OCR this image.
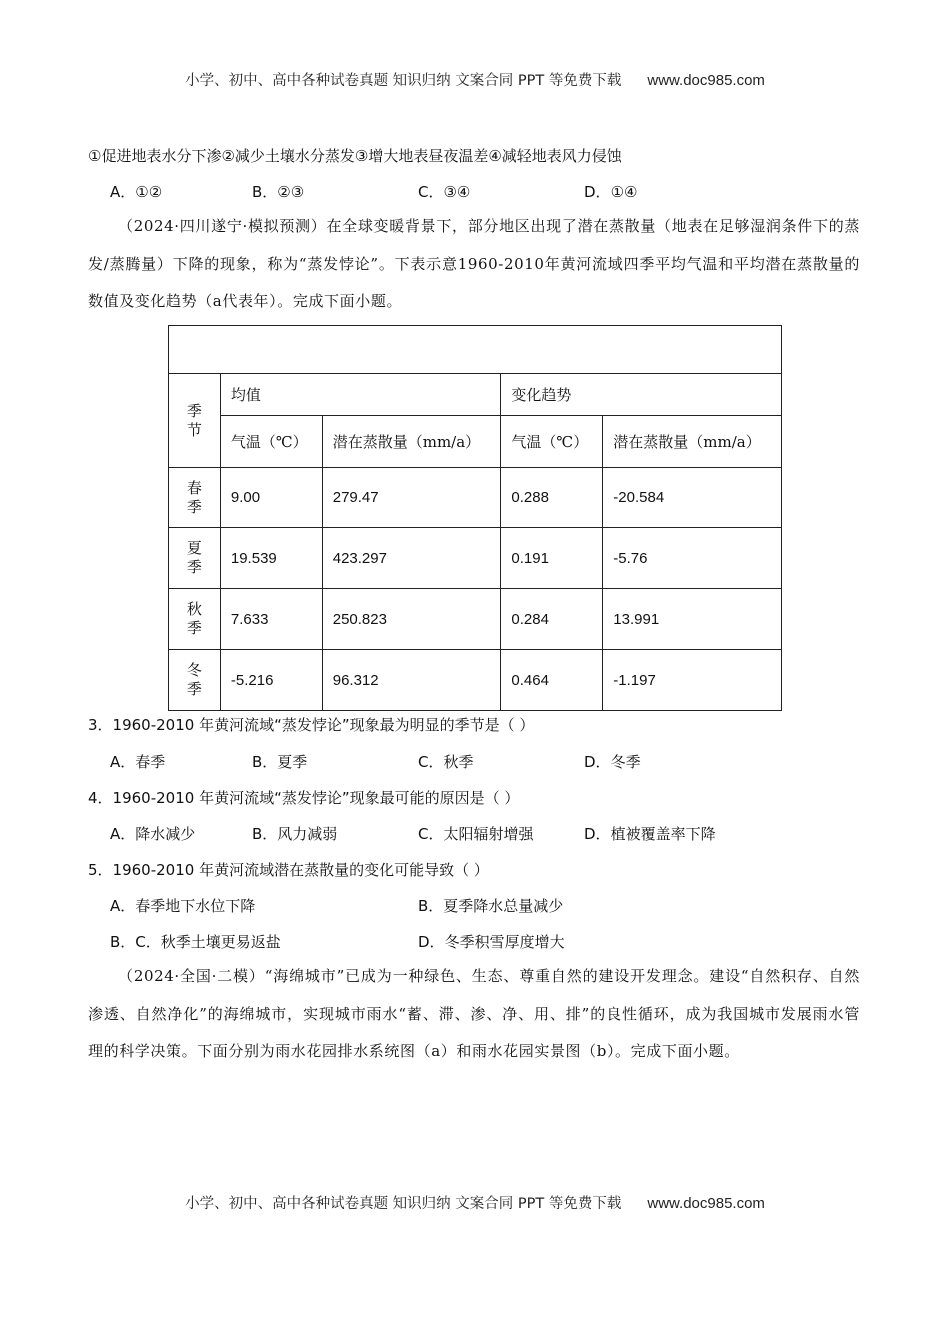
小学、初中、高中各种试卷真题 知识归纳 文案合同 PPT 等免费下载 www.doc985.com
①促进地表水分下渗②减少土壤水分蒸发③增大地表昼夜温差④减轻地表风力侵蚀
A．①②	B．②③	C．③④	D．①④
（2024·四川遂宁·模拟预测）在全球变暖背景下，部分地区出现了潜在蒸散量（地表在足够湿润条件下的蒸发/蒸腾量）下降的现象，称为“蒸发悖论”。下表示意1960-2010年黄河流域四季平均气温和平均潜在蒸散量的数值及变化趋势（a代表年）。完成下面小题。

季
节	均值		变化趋势	
	气温（℃）	潜在蒸散量（mm/a）	气温（℃）	潜在蒸散量（mm/a）

春
季	9.00	279.47	0.288	-20.584

夏
季	19.539	423.297	0.191	-5.76

秋
季	7.633	250.823	0.284	13.991

冬
季	-5.216	96.312	0.464	-1.197
3．1960-2010 年黄河流域“蒸发悖论”现象最为明显的季节是（ ）
A．春季	B．夏季	C．秋季	D．冬季
4．1960-2010 年黄河流域“蒸发悖论”现象最可能的原因是（ ）
A．降水减少	B．风力减弱	C．太阳辐射增强	D．植被覆盖率下降
5．1960-2010 年黄河流域潜在蒸散量的变化可能导致（ ）
A．春季地下水位下降	B．夏季降水总量减少
B．C．秋季土壤更易返盐	D．冬季积雪厚度增大
（2024·全国·二模）“海绵城市”已成为一种绿色、生态、尊重自然的建设开发理念。建设“自然积存、自然渗透、自然净化”的海绵城市，实现城市雨水“蓄、滞、渗、净、用、排”的良性循环，成为我国城市发展雨水管理的科学决策。下面分别为雨水花园排水系统图（a）和雨水花园实景图（b）。完成下面小题。
小学、初中、高中各种试卷真题 知识归纳 文案合同 PPT 等免费下载 www.doc985.com
